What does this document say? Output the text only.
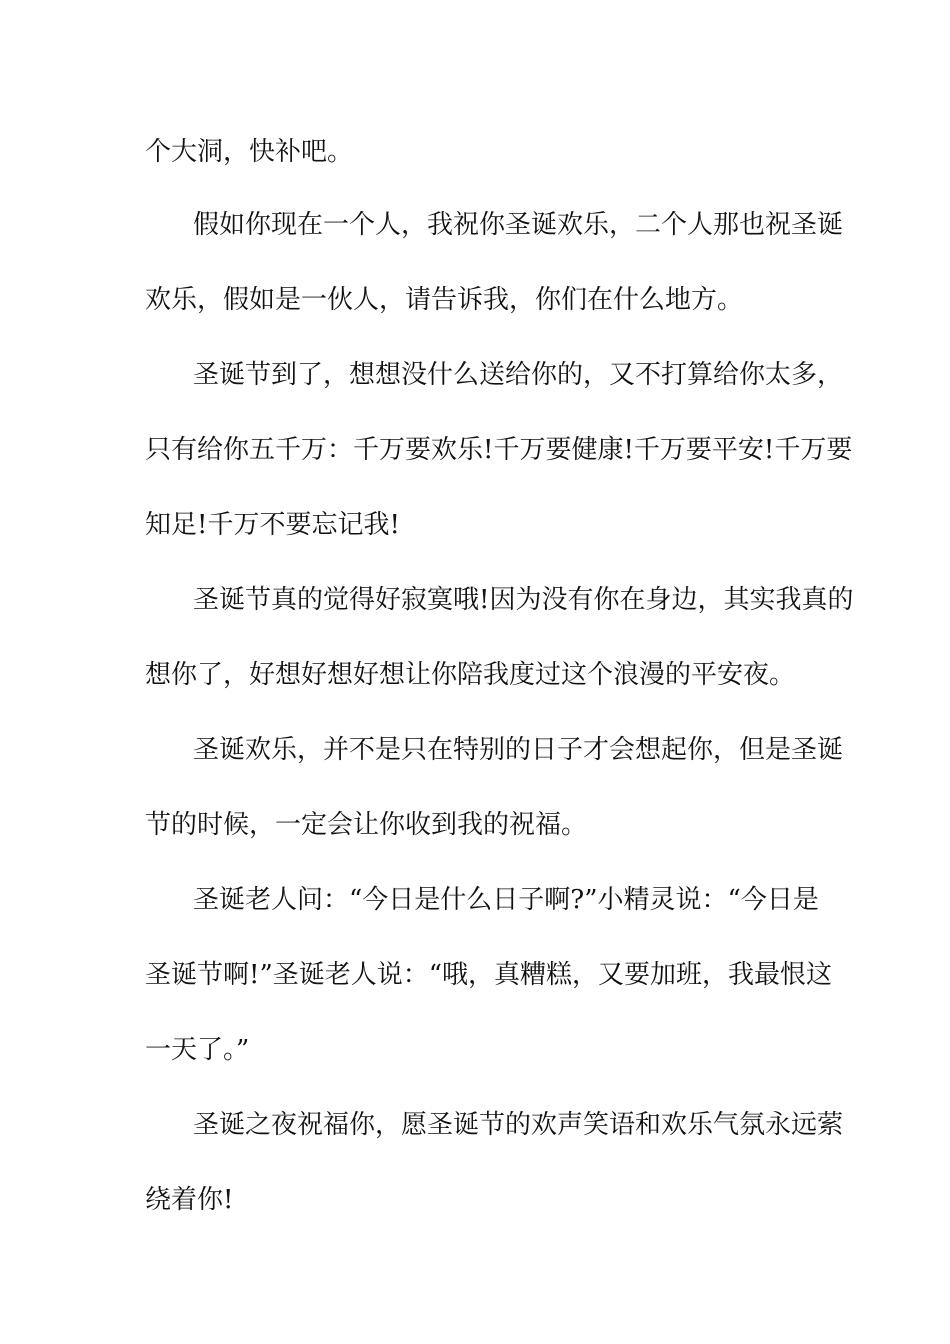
个大洞，快补吧。
假如你现在一个人，我祝你圣诞欢乐，二个人那也祝圣诞
欢乐，假如是一伙人，请告诉我，你们在什么地方。
圣诞节到了，想想没什么送给你的，又不打算给你太多，
只有给你五千万：千万要欢乐!千万要健康!千万要平安!千万要
知足!千万不要忘记我!
圣诞节真的觉得好寂寞哦!因为没有你在身边，其实我真的
想你了，好想好想好想让你陪我度过这个浪漫的平安夜。
圣诞欢乐，并不是只在特别的日子才会想起你，但是圣诞
节的时候，一定会让你收到我的祝福。
圣诞老人问：“今日是什么日子啊?”小精灵说：“今日是
圣诞节啊!”圣诞老人说：“哦，真糟糕，又要加班，我最恨这
一天了。”
圣诞之夜祝福你，愿圣诞节的欢声笑语和欢乐气氛永远萦
绕着你!
